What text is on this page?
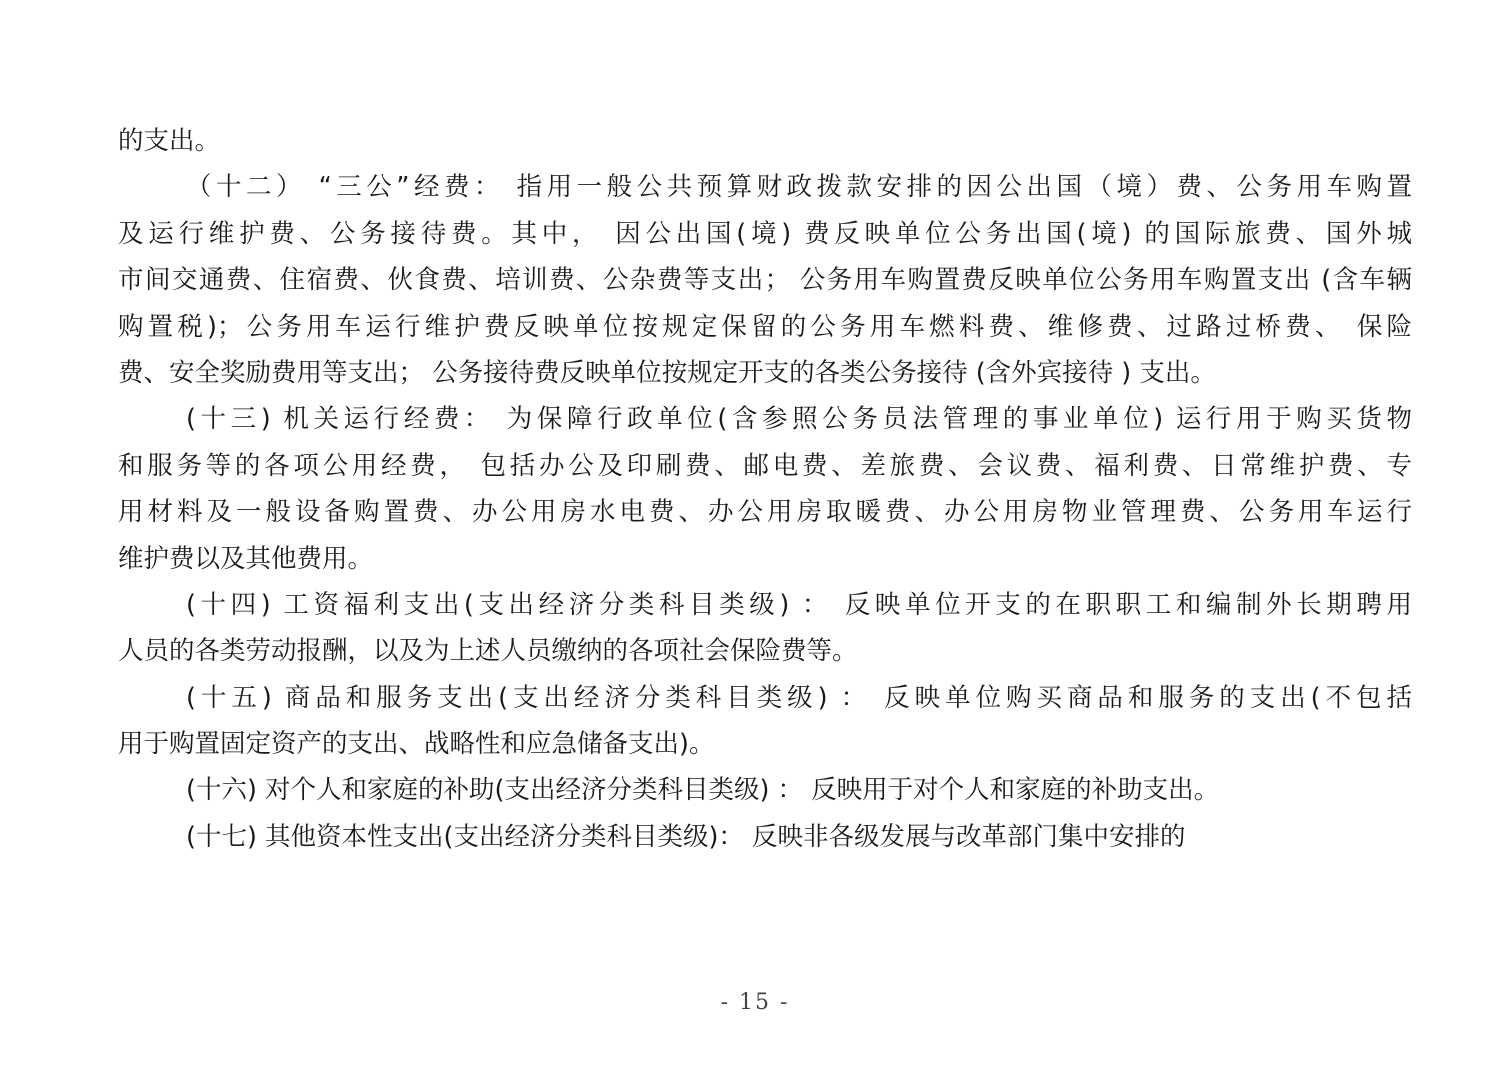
的支出。
（十二） “三公”经费： 指用一般公共预算财政拨款安排的因公出国（境）费、公务用车购置
及运行维护费、公务接待费。其中， 因公出国(境) 费反映单位公务出国(境) 的国际旅费、国外城
市间交通费、住宿费、伙食费、培训费、公杂费等支出； 公务用车购置费反映单位公务用车购置支出 (含车辆
购置税)；公务用车运行维护费反映单位按规定保留的公务用车燃料费、维修费、过路过桥费、 保险
费、安全奖励费用等支出； 公务接待费反映单位按规定开支的各类公务接待 (含外宾接待 ) 支出。
(十三) 机关运行经费： 为保障行政单位(含参照公务员法管理的事业单位) 运行用于购买货物
和服务等的各项公用经费， 包括办公及印刷费、邮电费、差旅费、会议费、福利费、日常维护费、专
用材料及一般设备购置费、办公用房水电费、办公用房取暖费、办公用房物业管理费、公务用车运行
维护费以及其他费用。
(十四) 工资福利支出(支出经济分类科目类级) ： 反映单位开支的在职职工和编制外长期聘用
人员的各类劳动报酬，以及为上述人员缴纳的各项社会保险费等。
(十五) 商品和服务支出(支出经济分类科目类级) ： 反映单位购买商品和服务的支出(不包括
用于购置固定资产的支出、战略性和应急储备支出)。
(十六) 对个人和家庭的补助(支出经济分类科目类级) ： 反映用于对个人和家庭的补助支出。
(十七) 其他资本性支出(支出经济分类科目类级)： 反映非各级发展与改革部门集中安排的
- 15 -
